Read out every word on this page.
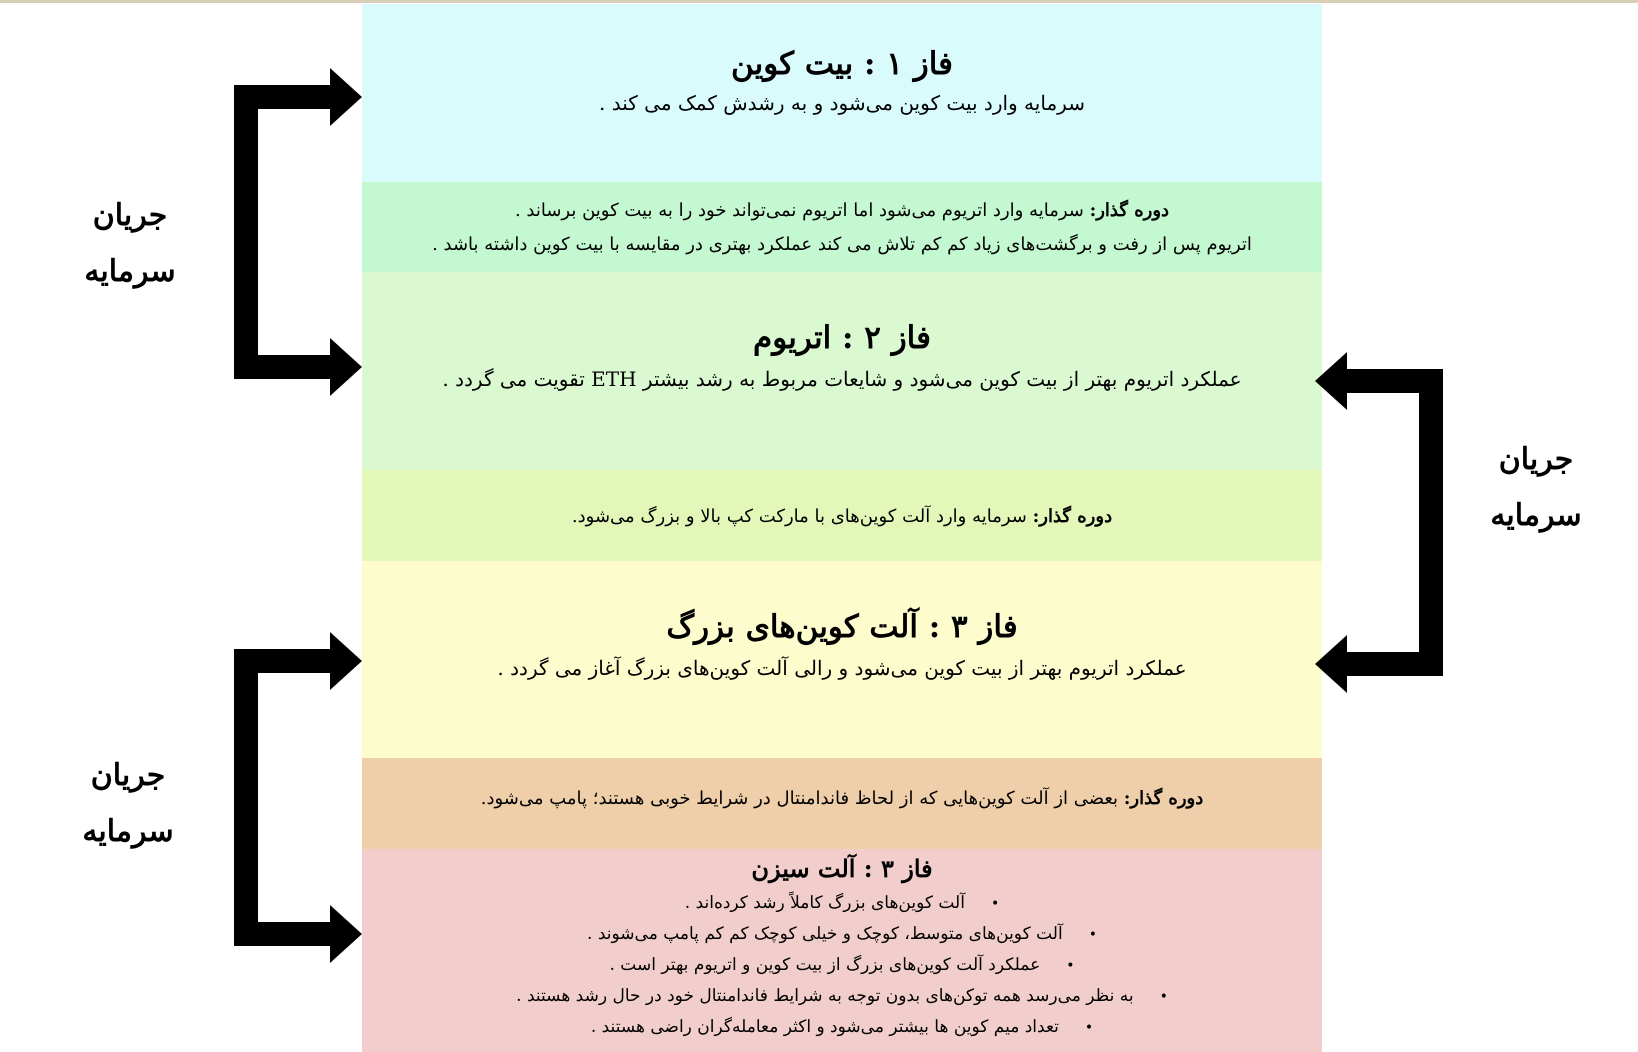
فاز ۱ : بیت کوین
سرمایه وارد بیت کوین می‌شود و به رشدش کمک می کند .
دوره گذار: سرمایه وارد اتریوم می‌شود اما اتریوم نمی‌تواند خود را به بیت کوین برساند .
اتریوم پس از رفت و برگشت‌های زیاد کم کم تلاش می کند عملکرد بهتری در مقایسه با بیت کوین داشته باشد .
فاز ۲ : اتریوم
عملکرد اتریوم بهتر از بیت کوین می‌شود و شایعات مربوط به رشد بیشتر ETH تقویت می گردد .
دوره گذار: سرمایه وارد آلت کوین‌های با مارکت کپ بالا و بزرگ می‌شود.
فاز ۳ : آلت کوین‌های بزرگ
عملکرد اتریوم بهتر از بیت کوین می‌شود و رالی آلت کوین‌های بزرگ آغاز می گردد .
دوره گذار: بعضی از آلت کوین‌هایی که از لحاظ فاندامنتال در شرایط خوبی هستند؛ پامپ می‌شود.
فاز ۳ : آلت سیزن
•آلت کوین‌های بزرگ کاملاً رشد کرده‌اند .
•آلت کوین‌های متوسط، کوچک و خیلی کوچک کم کم پامپ می‌شوند .
•عملکرد آلت کوین‌های بزرگ از بیت کوین و اتریوم بهتر است .
•به نظر می‌رسد همه توکن‌های بدون توجه به شرایط فاندامنتال خود در حال رشد هستند .
•تعداد میم کوین ها بیشتر می‌شود و اکثر معامله‌گران راضی هستند .
جریان
سرمایه
جریان
سرمایه
جریان
سرمایه
